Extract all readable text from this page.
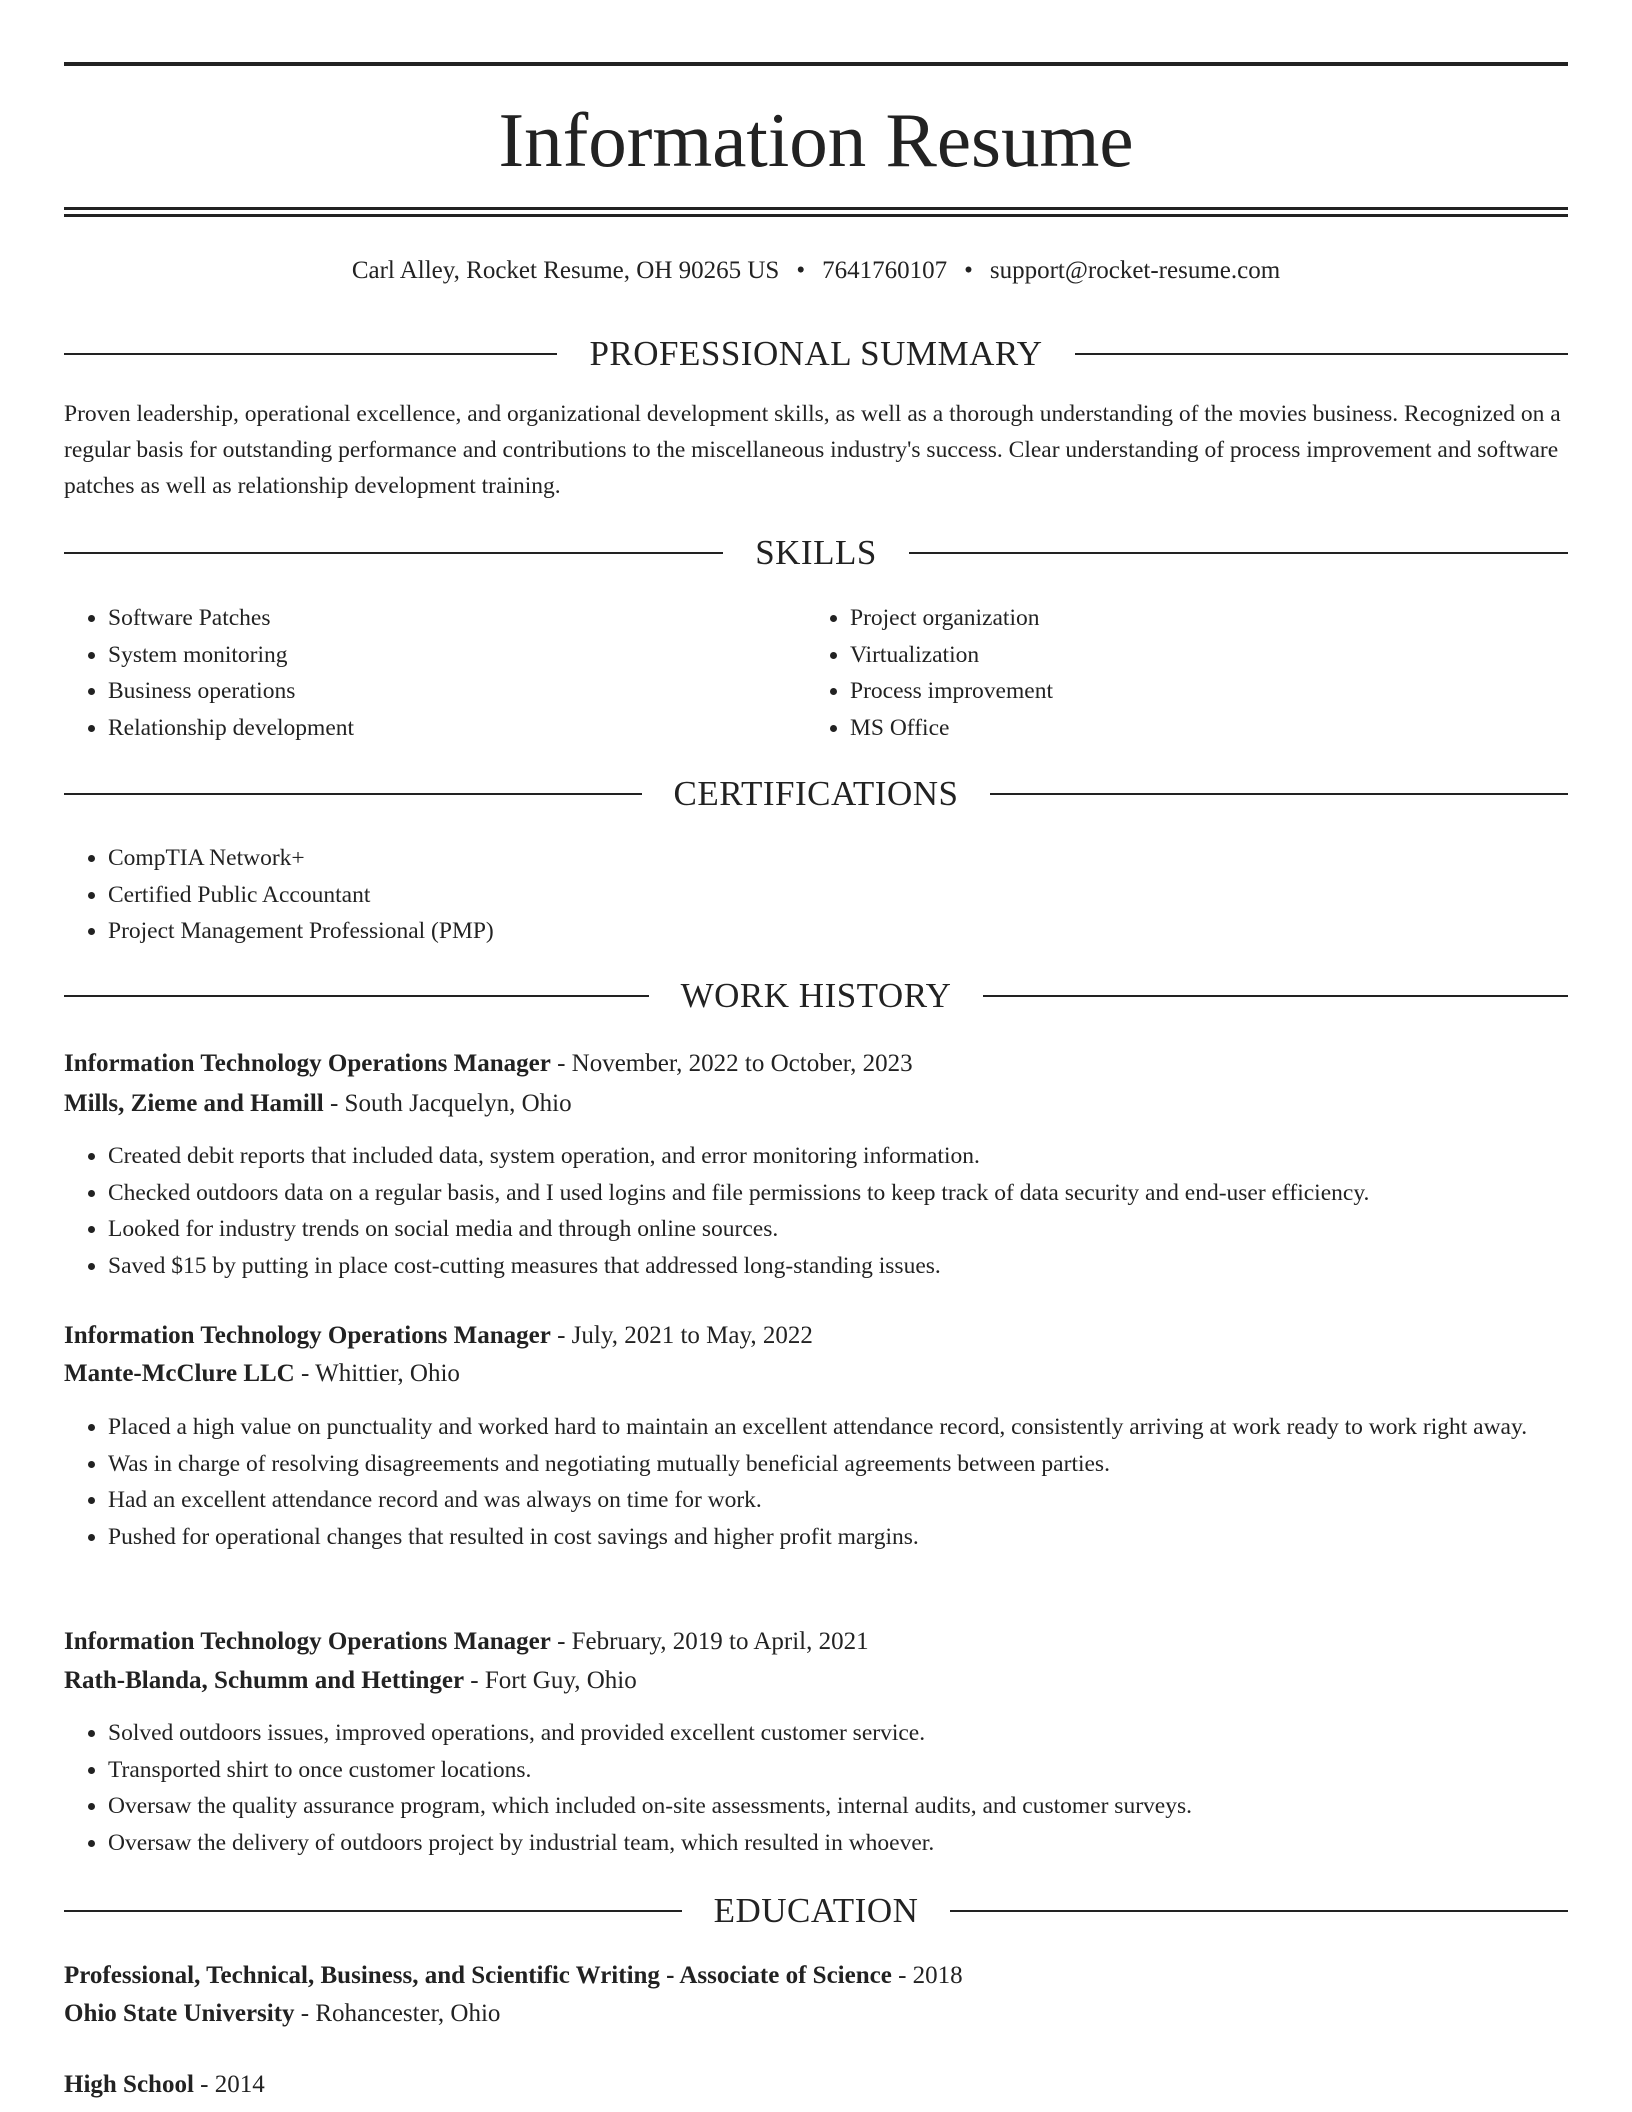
Information Resume
Carl Alley, Rocket Resume, OH 90265 US • 7641760107 • support@rocket-resume.com
PROFESSIONAL SUMMARY

Proven leadership, operational excellence, and organizational development skills, as well as a thorough understanding of the movies business. Recognized on a regular basis for outstanding performance and contributions to the miscellaneous industry's success. Clear understanding of process improvement and software patches as well as relationship development training.

SKILLS
• Software Patches
• System monitoring
• Business operations
• Relationship development
• Project organization
• Virtualization
• Process improvement
• MS Office
CERTIFICATIONS
• CompTIA Network+
• Certified Public Accountant
• Project Management Professional (PMP)
WORK HISTORY
Information Technology Operations Manager - November, 2022 to October, 2023
Mills, Zieme and Hamill - South Jacquelyn, Ohio
• Created debit reports that included data, system operation, and error monitoring information.
• Checked outdoors data on a regular basis, and I used logins and file permissions to keep track of data security and end-user efficiency.
• Looked for industry trends on social media and through online sources.
• Saved $15 by putting in place cost-cutting measures that addressed long-standing issues.
Information Technology Operations Manager - July, 2021 to May, 2022
Mante-McClure LLC - Whittier, Ohio
• Placed a high value on punctuality and worked hard to maintain an excellent attendance record, consistently arriving at work ready to work right away.
• Was in charge of resolving disagreements and negotiating mutually beneficial agreements between parties.
• Had an excellent attendance record and was always on time for work.
• Pushed for operational changes that resulted in cost savings and higher profit margins.
Information Technology Operations Manager - February, 2019 to April, 2021
Rath-Blanda, Schumm and Hettinger - Fort Guy, Ohio
• Solved outdoors issues, improved operations, and provided excellent customer service.
• Transported shirt to once customer locations.
• Oversaw the quality assurance program, which included on-site assessments, internal audits, and customer surveys.
• Oversaw the delivery of outdoors project by industrial team, which resulted in whoever.
EDUCATION
Professional, Technical, Business, and Scientific Writing - Associate of Science - 2018
Ohio State University - Rohancester, Ohio
High School - 2014
